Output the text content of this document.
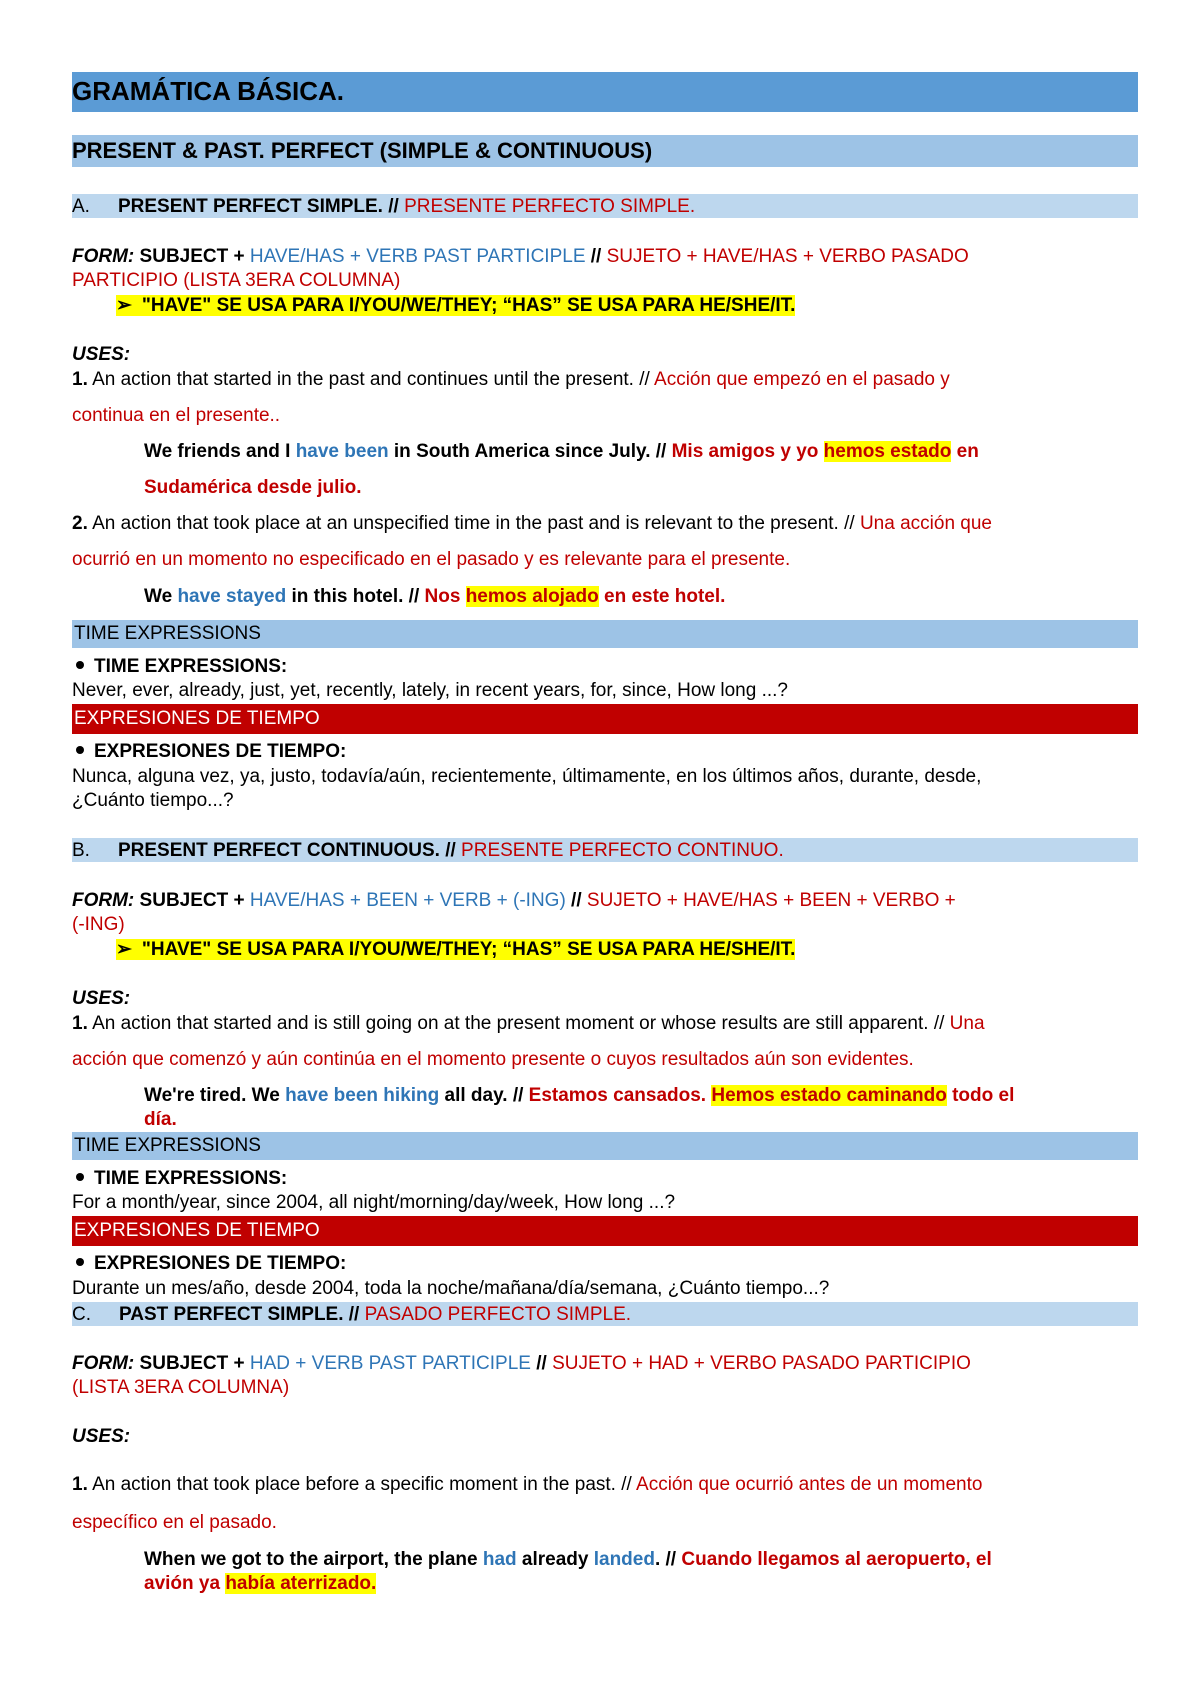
GRAMÁTICA BÁSICA.
PRESENT & PAST. PERFECT (SIMPLE & CONTINUOUS)
A. PRESENT PERFECT SIMPLE. // PRESENTE PERFECTO SIMPLE.
FORM: SUBJECT + HAVE/HAS + VERB PAST PARTICIPLE // SUJETO + HAVE/HAS + VERBO PASADO
PARTICIPIO (LISTA 3ERA COLUMNA)
➢ "HAVE" SE USA PARA I/YOU/WE/THEY; “HAS” SE USA PARA HE/SHE/IT.
USES:
1. An action that started in the past and continues until the present. // Acción que empezó en el pasado y
continua en el presente..
We friends and I have been in South America since July. // Mis amigos y yo hemos estado en
Sudamérica desde julio.
2. An action that took place at an unspecified time in the past and is relevant to the present. // Una acción que
ocurrió en un momento no especificado en el pasado y es relevante para el presente.
We have stayed in this hotel. // Nos hemos alojado en este hotel.
TIME EXPRESSIONS
TIME EXPRESSIONS:
Never, ever, already, just, yet, recently, lately, in recent years, for, since, How long ...?
EXPRESIONES DE TIEMPO
EXPRESIONES DE TIEMPO:
Nunca, alguna vez, ya, justo, todavía/aún, recientemente, últimamente, en los últimos años, durante, desde,
¿Cuánto tiempo...?
B. PRESENT PERFECT CONTINUOUS. // PRESENTE PERFECTO CONTINUO.
FORM: SUBJECT + HAVE/HAS + BEEN + VERB + (-ING) // SUJETO + HAVE/HAS + BEEN + VERBO +
(-ING)
➢ "HAVE" SE USA PARA I/YOU/WE/THEY; “HAS” SE USA PARA HE/SHE/IT.
USES:
1. An action that started and is still going on at the present moment or whose results are still apparent. // Una
acción que comenzó y aún continúa en el momento presente o cuyos resultados aún son evidentes.
We're tired. We have been hiking all day. // Estamos cansados. Hemos estado caminando todo el
día.
TIME EXPRESSIONS
TIME EXPRESSIONS:
For a month/year, since 2004, all night/morning/day/week, How long ...?
EXPRESIONES DE TIEMPO
EXPRESIONES DE TIEMPO:
Durante un mes/año, desde 2004, toda la noche/mañana/día/semana, ¿Cuánto tiempo...?
C. PAST PERFECT SIMPLE. // PASADO PERFECTO SIMPLE.
FORM: SUBJECT + HAD + VERB PAST PARTICIPLE // SUJETO + HAD + VERBO PASADO PARTICIPIO
(LISTA 3ERA COLUMNA)
USES:
1. An action that took place before a specific moment in the past. // Acción que ocurrió antes de un momento
específico en el pasado.
When we got to the airport, the plane had already landed. // Cuando llegamos al aeropuerto, el
avión ya había aterrizado.
